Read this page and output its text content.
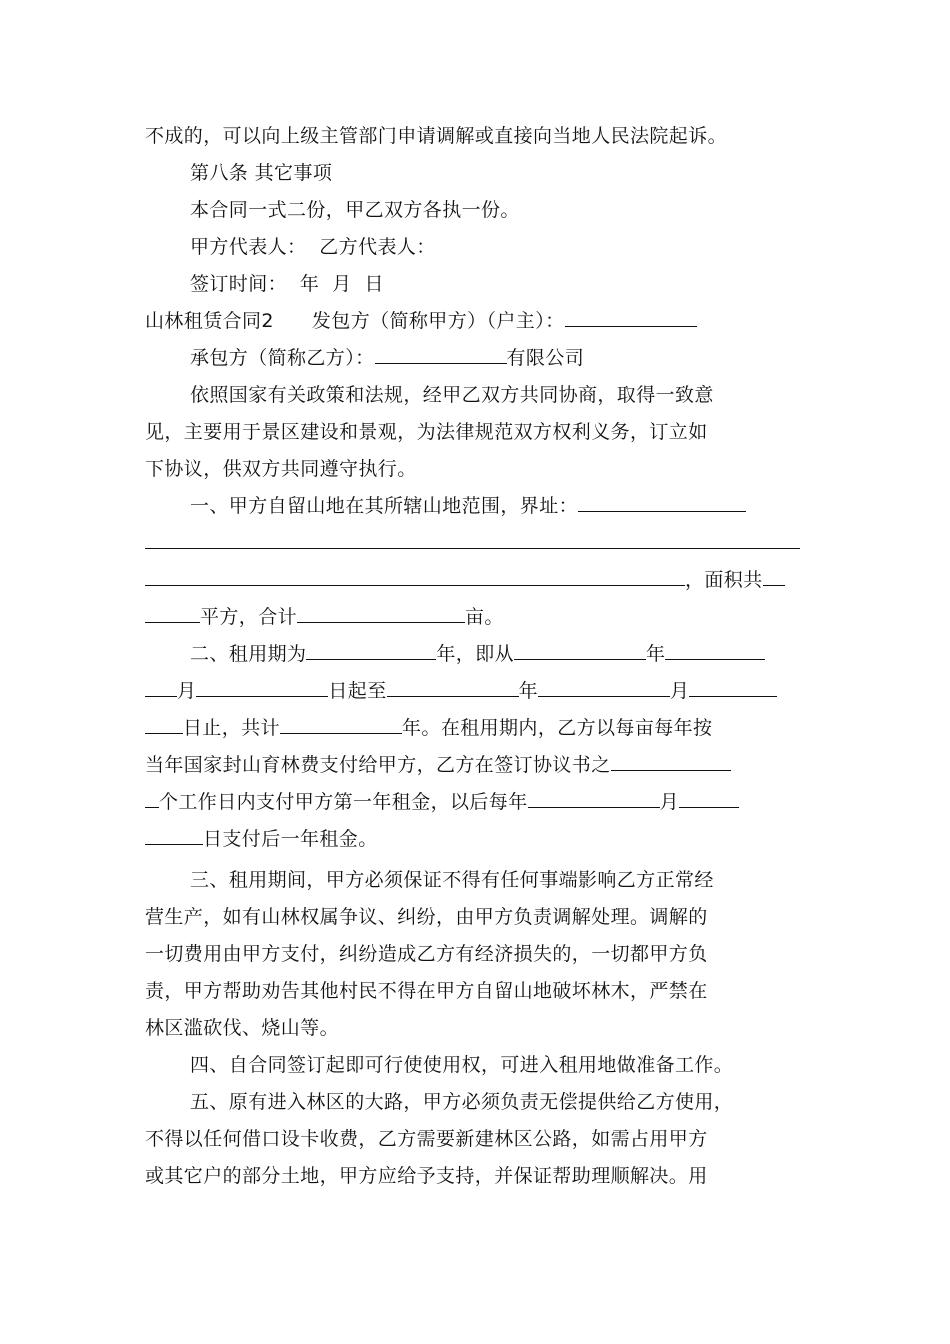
不成的，可以向上级主管部门申请调解或直接向当地人民法院起诉。
第八条 其它事项
本合同一式二份，甲乙双方各执一份。
甲方代表人：  乙方代表人：
签订时间：  年  月  日
山林租赁合同2 发包方（简称甲方）（户主）：
承包方（简称乙方）：	有限公司
依照国家有关政策和法规，经甲乙双方共同协商，取得一致意
见，主要用于景区建设和景观，为法律规范双方权利义务，订立如
下协议，供双方共同遵守执行。
一、甲方自留山地在其所辖山地范围，界址：
，面积共
平方，合计	亩。
二、租用期为	年，即从	年
月	日起至	年	月
日止，共计	年。在租用期内，乙方以每亩每年按
当年国家封山育林费支付给甲方，乙方在签订协议书之
个工作日内支付甲方第一年租金，以后每年	月
日支付后一年租金。
三、租用期间，甲方必须保证不得有任何事端影响乙方正常经
营生产，如有山林权属争议、纠纷，由甲方负责调解处理。调解的
一切费用由甲方支付，纠纷造成乙方有经济损失的，一切都甲方负
责，甲方帮助劝告其他村民不得在甲方自留山地破坏林木，严禁在
林区滥砍伐、烧山等。
四、自合同签订起即可行使使用权，可进入租用地做准备工作。
五、原有进入林区的大路，甲方必须负责无偿提供给乙方使用，
不得以任何借口设卡收费，乙方需要新建林区公路，如需占用甲方
或其它户的部分土地，甲方应给予支持，并保证帮助理顺解决。用
